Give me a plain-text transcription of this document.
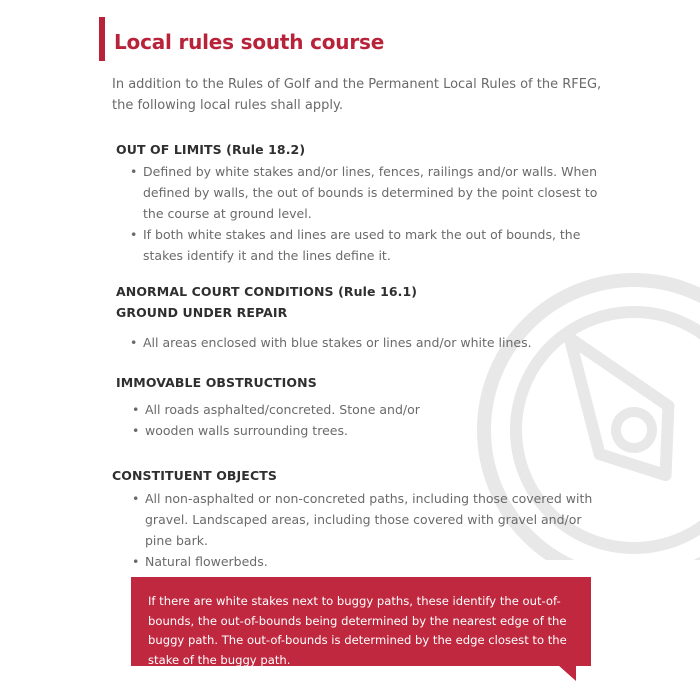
Local rules south course

In addition to the Rules of Golf and the Permanent Local Rules of the RFEG, the following local rules shall apply.

OUT OF LIMITS (Rule 18.2)
• Defined by white stakes and/or lines, fences, railings and/or walls. When defined by walls, the out of bounds is determined by the point closest to the course at ground level.
• If both white stakes and lines are used to mark the out of bounds, the stakes identify it and the lines define it.
ANORMAL COURT CONDITIONS (Rule 16.1)
GROUND UNDER REPAIR
• All areas enclosed with blue stakes or lines and/or white lines.
IMMOVABLE OBSTRUCTIONS
• All roads asphalted/concreted. Stone and/or
• wooden walls surrounding trees.
CONSTITUENT OBJECTS
• All non-asphalted or non-concreted paths, including those covered with gravel. Landscaped areas, including those covered with gravel and/or pine bark.
• Natural flowerbeds.
If there are white stakes next to buggy paths, these identify the out-of-bounds, the out-of-bounds being determined by the nearest edge of the buggy path. The out-of-bounds is determined by the edge closest to the stake of the buggy path.
